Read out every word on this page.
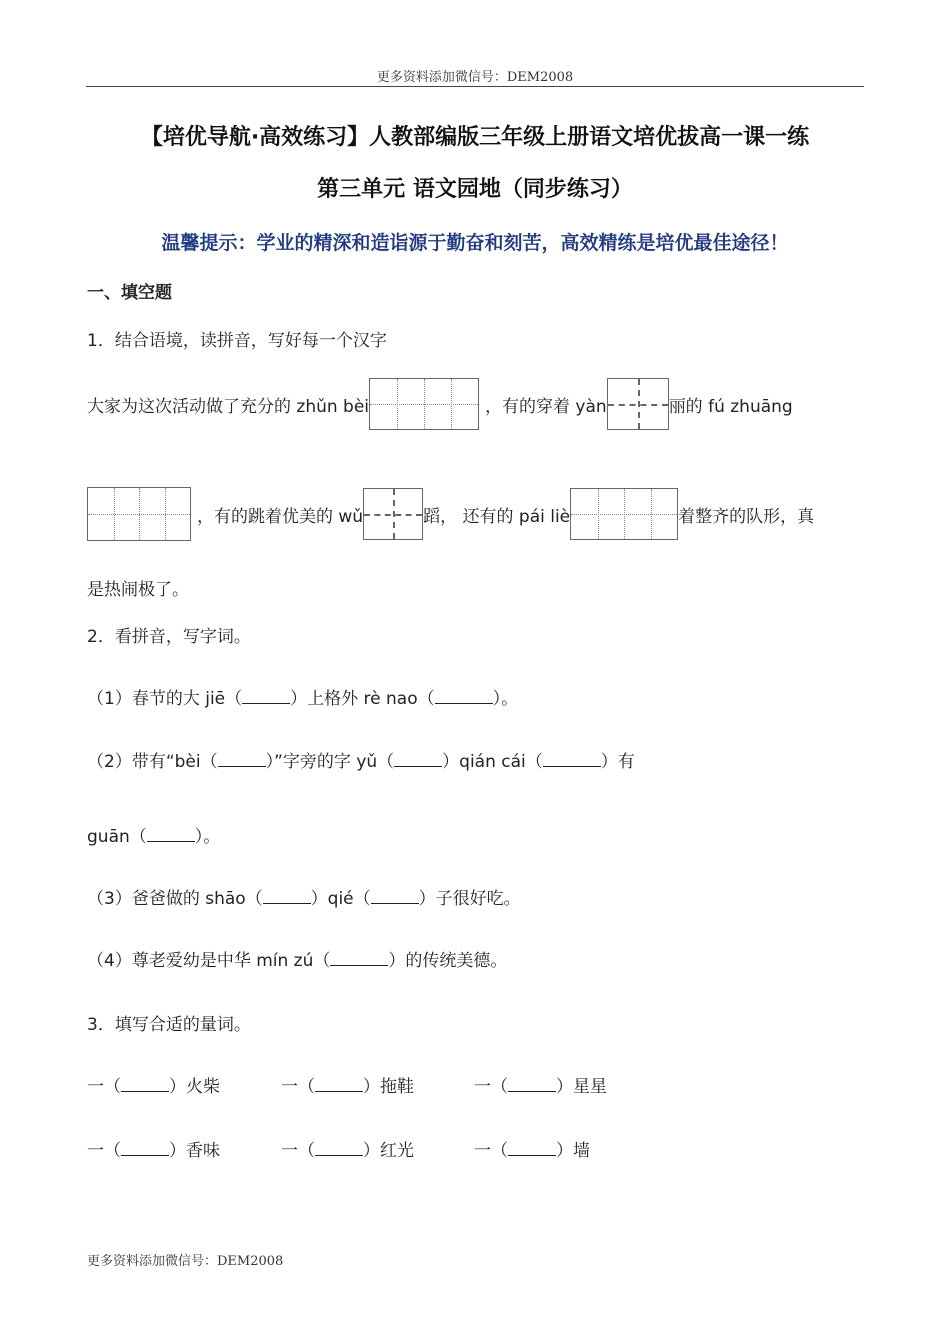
更多资料添加微信号：DEM2008
【培优导航·高效练习】人教部编版三年级上册语文培优拔高一课一练
第三单元 语文园地（同步练习）
温馨提示：学业的精深和造诣源于勤奋和刻苦，高效精练是培优最佳途径！
一、填空题
1．结合语境，读拼音，写好每一个汉字
大家为这次活动做了充分的 zhǔn bèi	，有的穿着 yàn	丽的 fú zhuāng
，有的跳着优美的 wǔ	蹈， 还有的 pái liè	着整齐的队形，真
是热闹极了。
2．看拼音，写字词。
（1）春节的大 jiē（	）上格外 rè nao（	）。
（2）带有“bèi（	）”字旁的字 yǔ（	）qián cái（	）有
guān（	）。
（3）爸爸做的 shāo（	）qié（	）子很好吃。
（4）尊老爱幼是中华 mín zú（	）的传统美德。
3．填写合适的量词。
一（	）火柴	一（	）拖鞋	一（	）星星
一（	）香味	一（	）红光	一（	）墙
更多资料添加微信号：DEM2008
